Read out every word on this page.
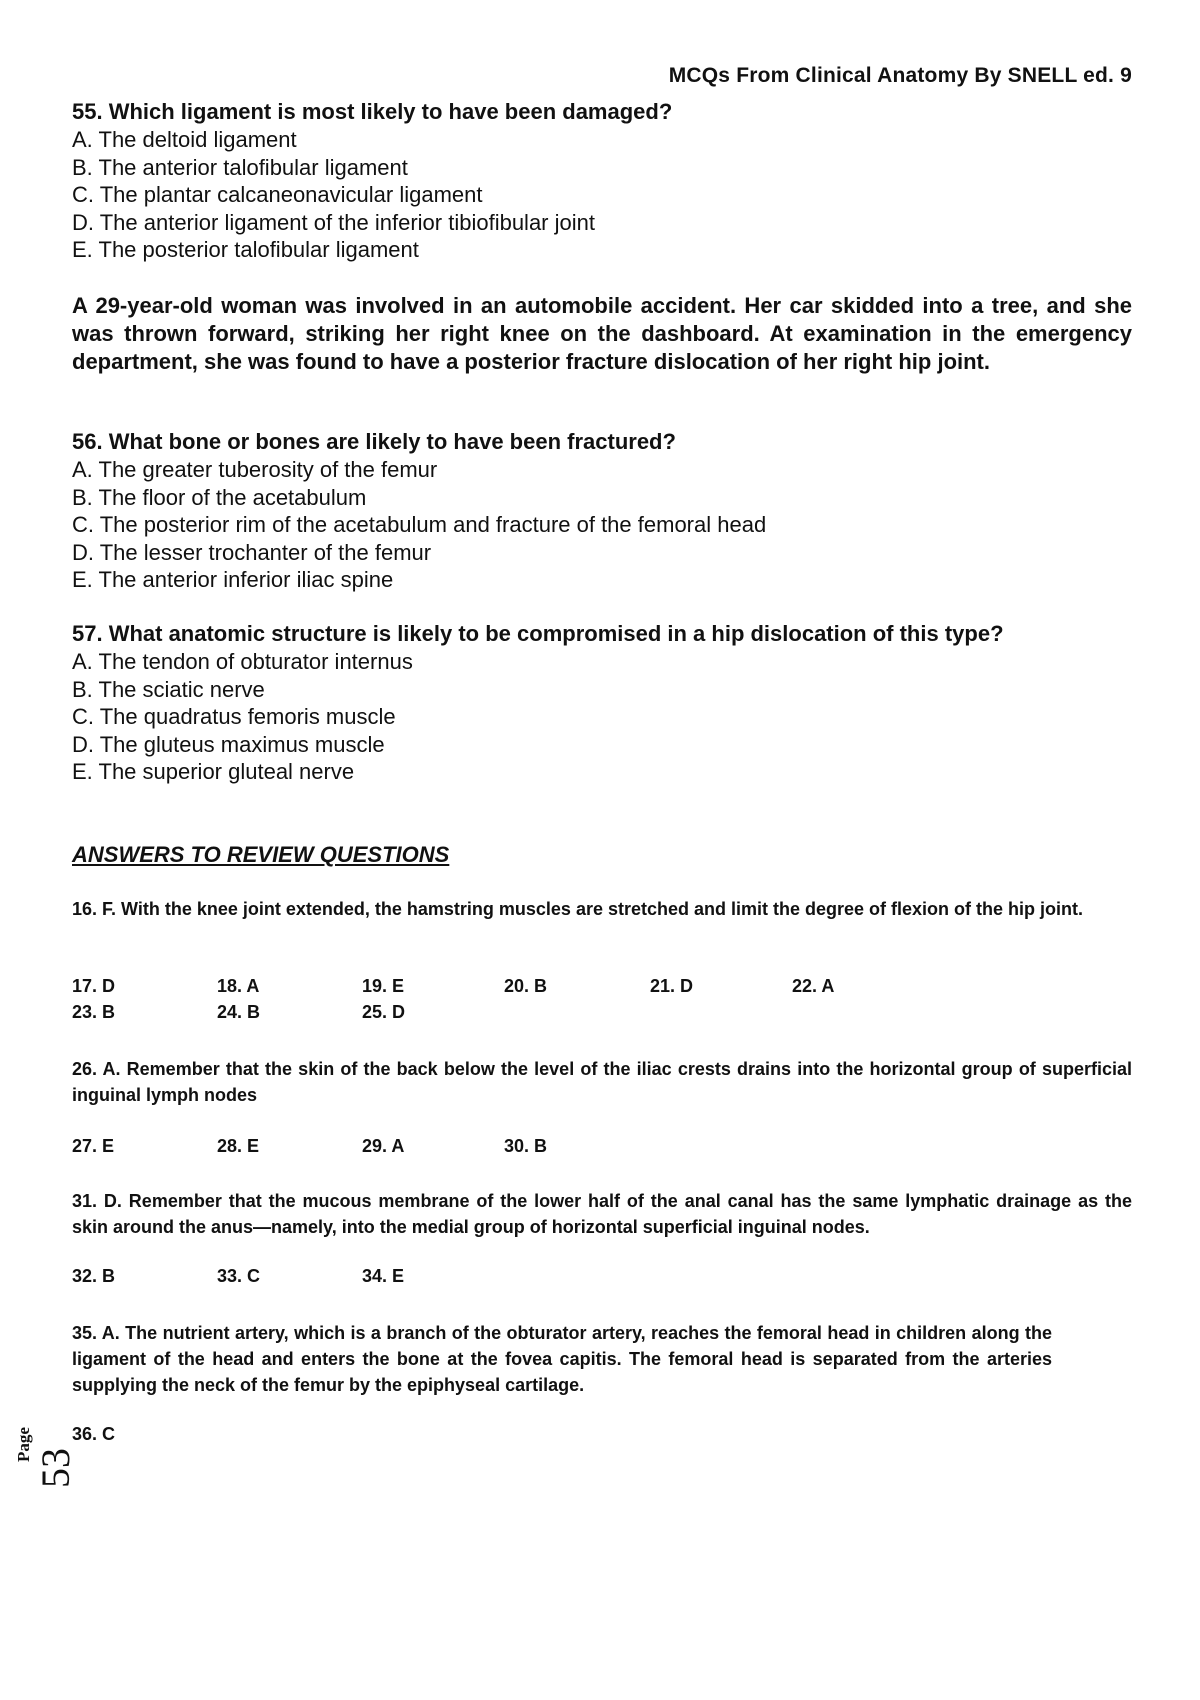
MCQs From Clinical Anatomy By SNELL ed. 9

55. Which ligament is most likely to have been damaged?

A. The deltoid ligament

B. The anterior talofibular ligament

C. The plantar calcaneonavicular ligament

D. The anterior ligament of the inferior tibiofibular joint

E. The posterior talofibular ligament

A 29-year-old woman was involved in an automobile accident. Her car skidded into a tree, and she was thrown forward, striking her right knee on the dashboard. At examination in the emergency department, she was found to have a posterior fracture dislocation of her right hip joint.

56. What bone or bones are likely to have been fractured?

A. The greater tuberosity of the femur

B. The floor of the acetabulum

C. The posterior rim of the acetabulum and fracture of the femoral head

D. The lesser trochanter of the femur

E. The anterior inferior iliac spine

57. What anatomic structure is likely to be compromised in a hip dislocation of this type?

A. The tendon of obturator internus

B. The sciatic nerve

C. The quadratus femoris muscle

D. The gluteus maximus muscle

E. The superior gluteal nerve

ANSWERS TO REVIEW QUESTIONS
16. F. With the knee joint extended, the hamstring muscles are stretched and limit the degree of flexion of the hip joint.
17. D	18. A	19. E	20. B	21. D	22. A
23. B	24. B	25. D
26. A. Remember that the skin of the back below the level of the iliac crests drains into the horizontal group of superficial inguinal lymph nodes
27. E	28. E	29. A	30. B
31. D. Remember that the mucous membrane of the lower half of the anal canal has the same lymphatic drainage as the skin around the anus—namely, into the medial group of horizontal superficial inguinal nodes.
32. B	33. C	34. E
35. A. The nutrient artery, which is a branch of the obturator artery, reaches the femoral head in children along the ligament of the head and enters the bone at the fovea capitis. The femoral head is separated from the arteries supplying the neck of the femur by the epiphyseal cartilage.
36. C
Page
53
